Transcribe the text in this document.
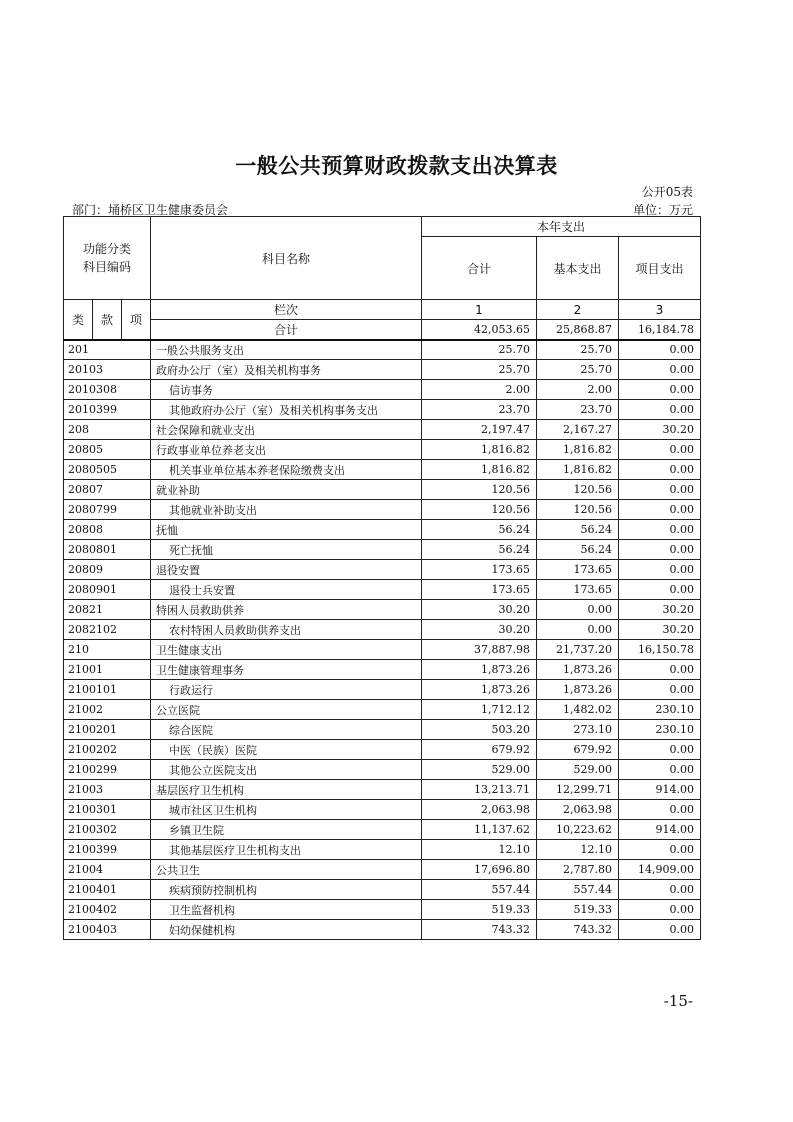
一般公共预算财政拨款支出决算表
公开05表
部门：埇桥区卫生健康委员会	单位：万元
功能分类
科目编码			科目名称	本年支出		
				合计	基本支出	项目支出
类	款	项	栏次	1	2	3
			合计	42,053.65	25,868.87	16,184.78
201			一般公共服务支出	25.70	25.70	0.00
20103			政府办公厅（室）及相关机构事务	25.70	25.70	0.00
2010308			信访事务	2.00	2.00	0.00
2010399			其他政府办公厅（室）及相关机构事务支出	23.70	23.70	0.00
208			社会保障和就业支出	2,197.47	2,167.27	30.20
20805			行政事业单位养老支出	1,816.82	1,816.82	0.00
2080505			机关事业单位基本养老保险缴费支出	1,816.82	1,816.82	0.00
20807			就业补助	120.56	120.56	0.00
2080799			其他就业补助支出	120.56	120.56	0.00
20808			抚恤	56.24	56.24	0.00
2080801			死亡抚恤	56.24	56.24	0.00
20809			退役安置	173.65	173.65	0.00
2080901			退役士兵安置	173.65	173.65	0.00
20821			特困人员救助供养	30.20	0.00	30.20
2082102			农村特困人员救助供养支出	30.20	0.00	30.20
210			卫生健康支出	37,887.98	21,737.20	16,150.78
21001			卫生健康管理事务	1,873.26	1,873.26	0.00
2100101			行政运行	1,873.26	1,873.26	0.00
21002			公立医院	1,712.12	1,482.02	230.10
2100201			综合医院	503.20	273.10	230.10
2100202			中医（民族）医院	679.92	679.92	0.00
2100299			其他公立医院支出	529.00	529.00	0.00
21003			基层医疗卫生机构	13,213.71	12,299.71	914.00
2100301			城市社区卫生机构	2,063.98	2,063.98	0.00
2100302			乡镇卫生院	11,137.62	10,223.62	914.00
2100399			其他基层医疗卫生机构支出	12.10	12.10	0.00
21004			公共卫生	17,696.80	2,787.80	14,909.00
2100401			疾病预防控制机构	557.44	557.44	0.00
2100402			卫生监督机构	519.33	519.33	0.00
2100403			妇幼保健机构	743.32	743.32	0.00
-15-
